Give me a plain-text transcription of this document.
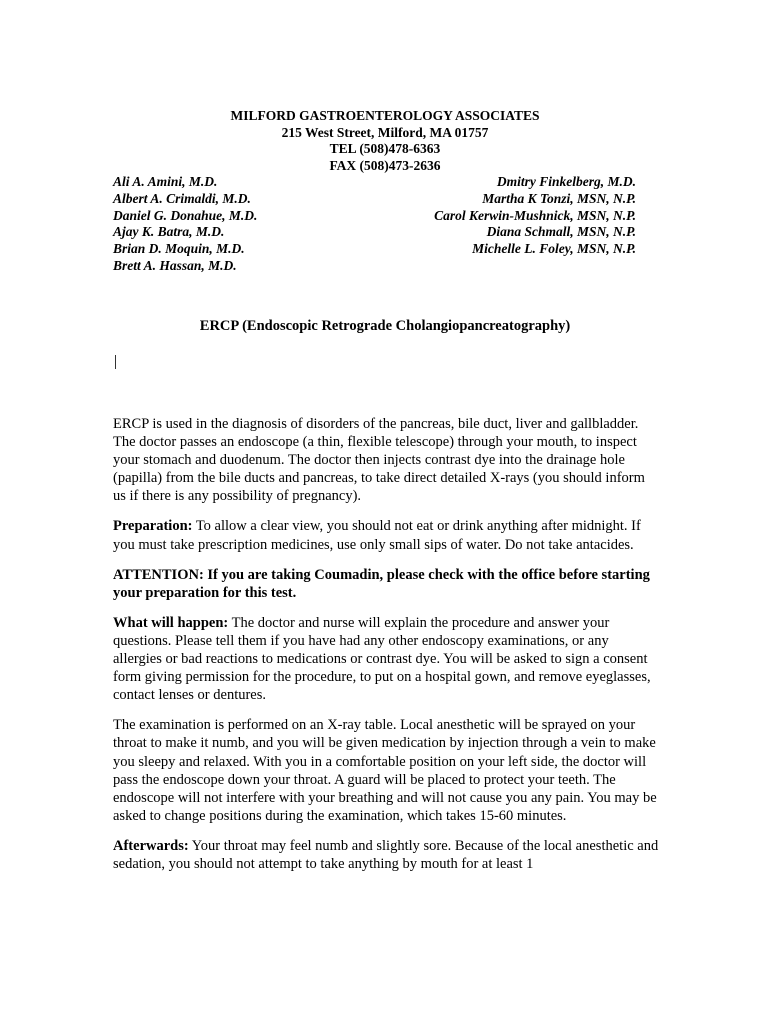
MILFORD GASTROENTEROLOGY ASSOCIATES
215 West Street, Milford, MA 01757
TEL (508)478-6363
FAX (508)473-2636
Ali A. Amini, M.D.
Albert A. Crimaldi, M.D.
Daniel G. Donahue, M.D.
Ajay K. Batra, M.D.
Brian D. Moquin, M.D.
Brett A. Hassan, M.D.
Dmitry Finkelberg, M.D.
Martha K Tonzi, MSN, N.P.
Carol Kerwin-Mushnick, MSN, N.P.
Diana Schmall, MSN, N.P.
Michelle L. Foley, MSN, N.P.
ERCP (Endoscopic Retrograde Cholangiopancreatography)

ERCP is used in the diagnosis of disorders of the pancreas, bile duct, liver and gallbladder. The doctor passes an endoscope (a thin, flexible telescope) through your mouth, to inspect your stomach and duodenum. The doctor then injects contrast dye into the drainage hole (papilla) from the bile ducts and pancreas, to take direct detailed X-rays (you should inform us if there is any possibility of pregnancy).

Preparation: To allow a clear view, you should not eat or drink anything after midnight. If you must take prescription medicines, use only small sips of water. Do not take antacides.

ATTENTION: If you are taking Coumadin, please check with the office before starting your preparation for this test.

What will happen: The doctor and nurse will explain the procedure and answer your questions. Please tell them if you have had any other endoscopy examinations, or any allergies or bad reactions to medications or contrast dye. You will be asked to sign a consent form giving permission for the procedure, to put on a hospital gown, and remove eyeglasses, contact lenses or dentures.

The examination is performed on an X-ray table. Local anesthetic will be sprayed on your throat to make it numb, and you will be given medication by injection through a vein to make you sleepy and relaxed. With you in a comfortable position on your left side, the doctor will pass the endoscope down your throat. A guard will be placed to protect your teeth. The endoscope will not interfere with your breathing and will not cause you any pain. You may be asked to change positions during the examination, which takes 15-60 minutes.

Afterwards: Your throat may feel numb and slightly sore. Because of the local anesthetic and sedation, you should not attempt to take anything by mouth for at least 1
